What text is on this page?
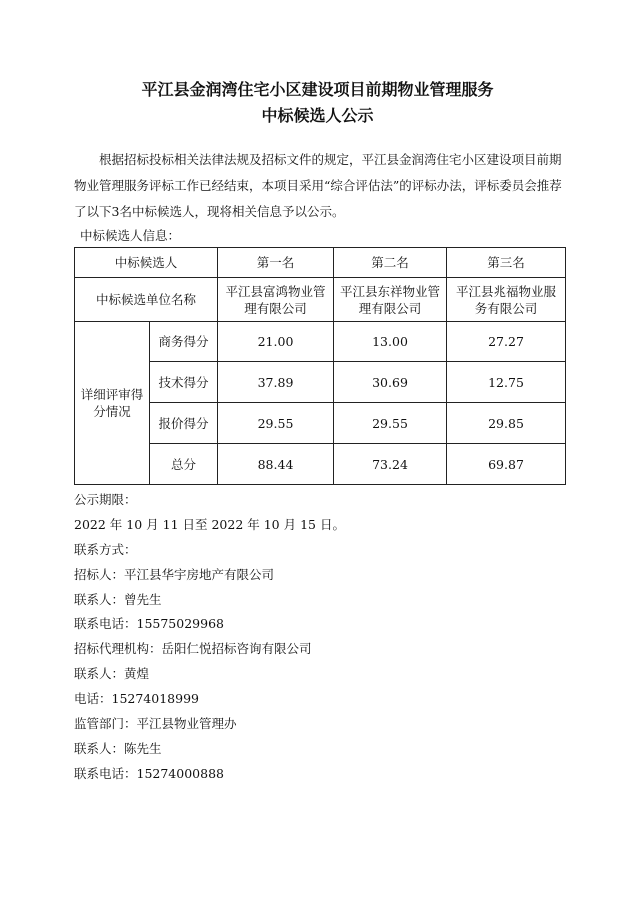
平江县金润湾住宅小区建设项目前期物业管理服务
中标候选人公示

根据招标投标相关法律法规及招标文件的规定，平江县金润湾住宅小区建设项目前期物业管理服务评标工作已经结束，本项目采用“综合评估法”的评标办法，评标委员会推荐了以下3名中标候选人，现将相关信息予以公示。

中标候选人信息：
中标候选人		第一名	第二名	第三名
中标候选单位名称		平江县富鸿物业管理有限公司	平江县东祥物业管理有限公司	平江县兆福物业服务有限公司
详细评审得分情况	商务得分	21.00	13.00	27.27
	技术得分	37.89	30.69	12.75
	报价得分	29.55	29.55	29.85
	总分	88.44	73.24	69.87
公示期限：
2022 年 10 月 11 日至 2022 年 10 月 15 日。
联系方式：
招标人：平江县华宇房地产有限公司
联系人：曾先生
联系电话：15575029968
招标代理机构：岳阳仁悦招标咨询有限公司
联系人：黄煌
电话：15274018999
监管部门：平江县物业管理办
联系人：陈先生
联系电话：15274000888
